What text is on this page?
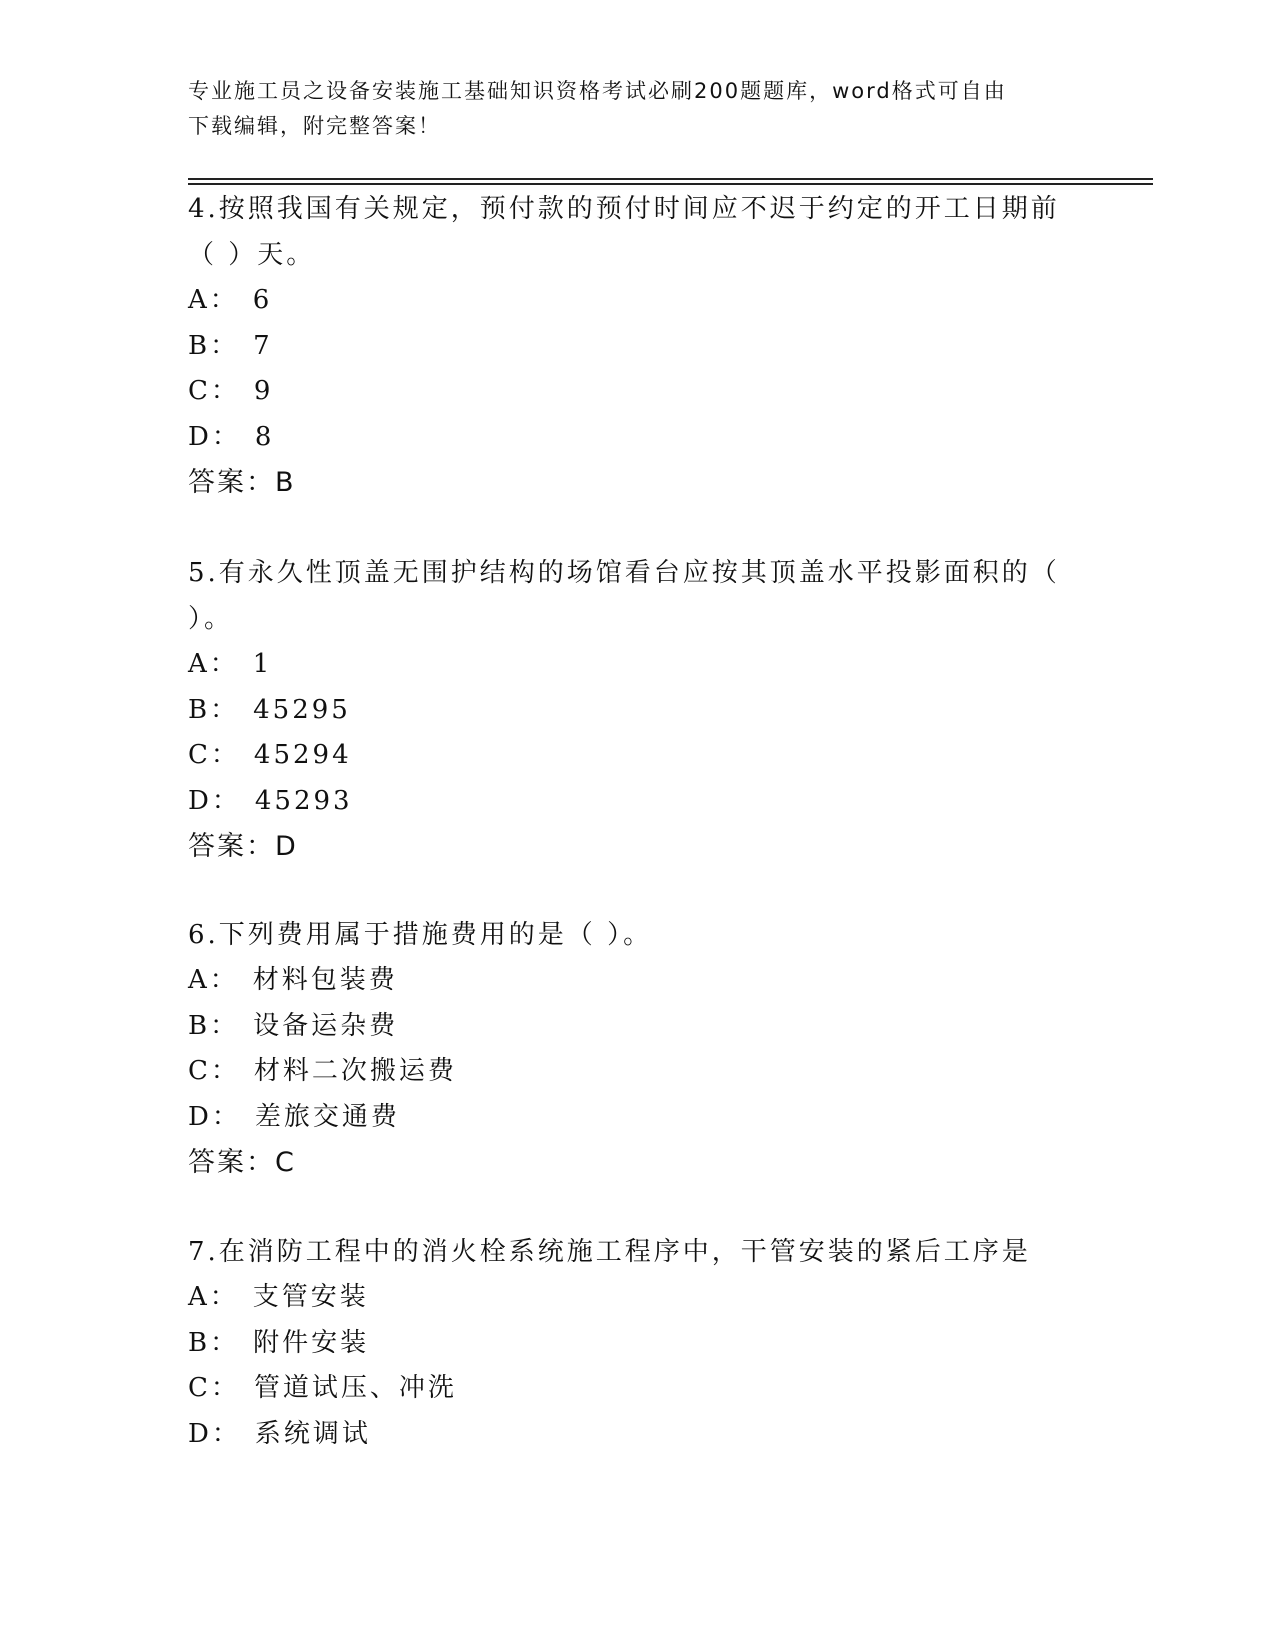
专业施工员之设备安装施工基础知识资格考试必刷200题题库，word格式可自由
下载编辑，附完整答案！
4.按照我国有关规定，预付款的预付时间应不迟于约定的开工日期前
（ ）天。
A： 6
B： 7
C： 9
D： 8
答案：B
5.有永久性顶盖无围护结构的场馆看台应按其顶盖水平投影面积的（
）。
A： 1
B： 45295
C： 45294
D： 45293
答案：D
6.下列费用属于措施费用的是（ ）。
A： 材料包装费
B： 设备运杂费
C： 材料二次搬运费
D： 差旅交通费
答案：C
7.在消防工程中的消火栓系统施工程序中，干管安装的紧后工序是
A： 支管安装
B： 附件安装
C： 管道试压、冲洗
D： 系统调试
